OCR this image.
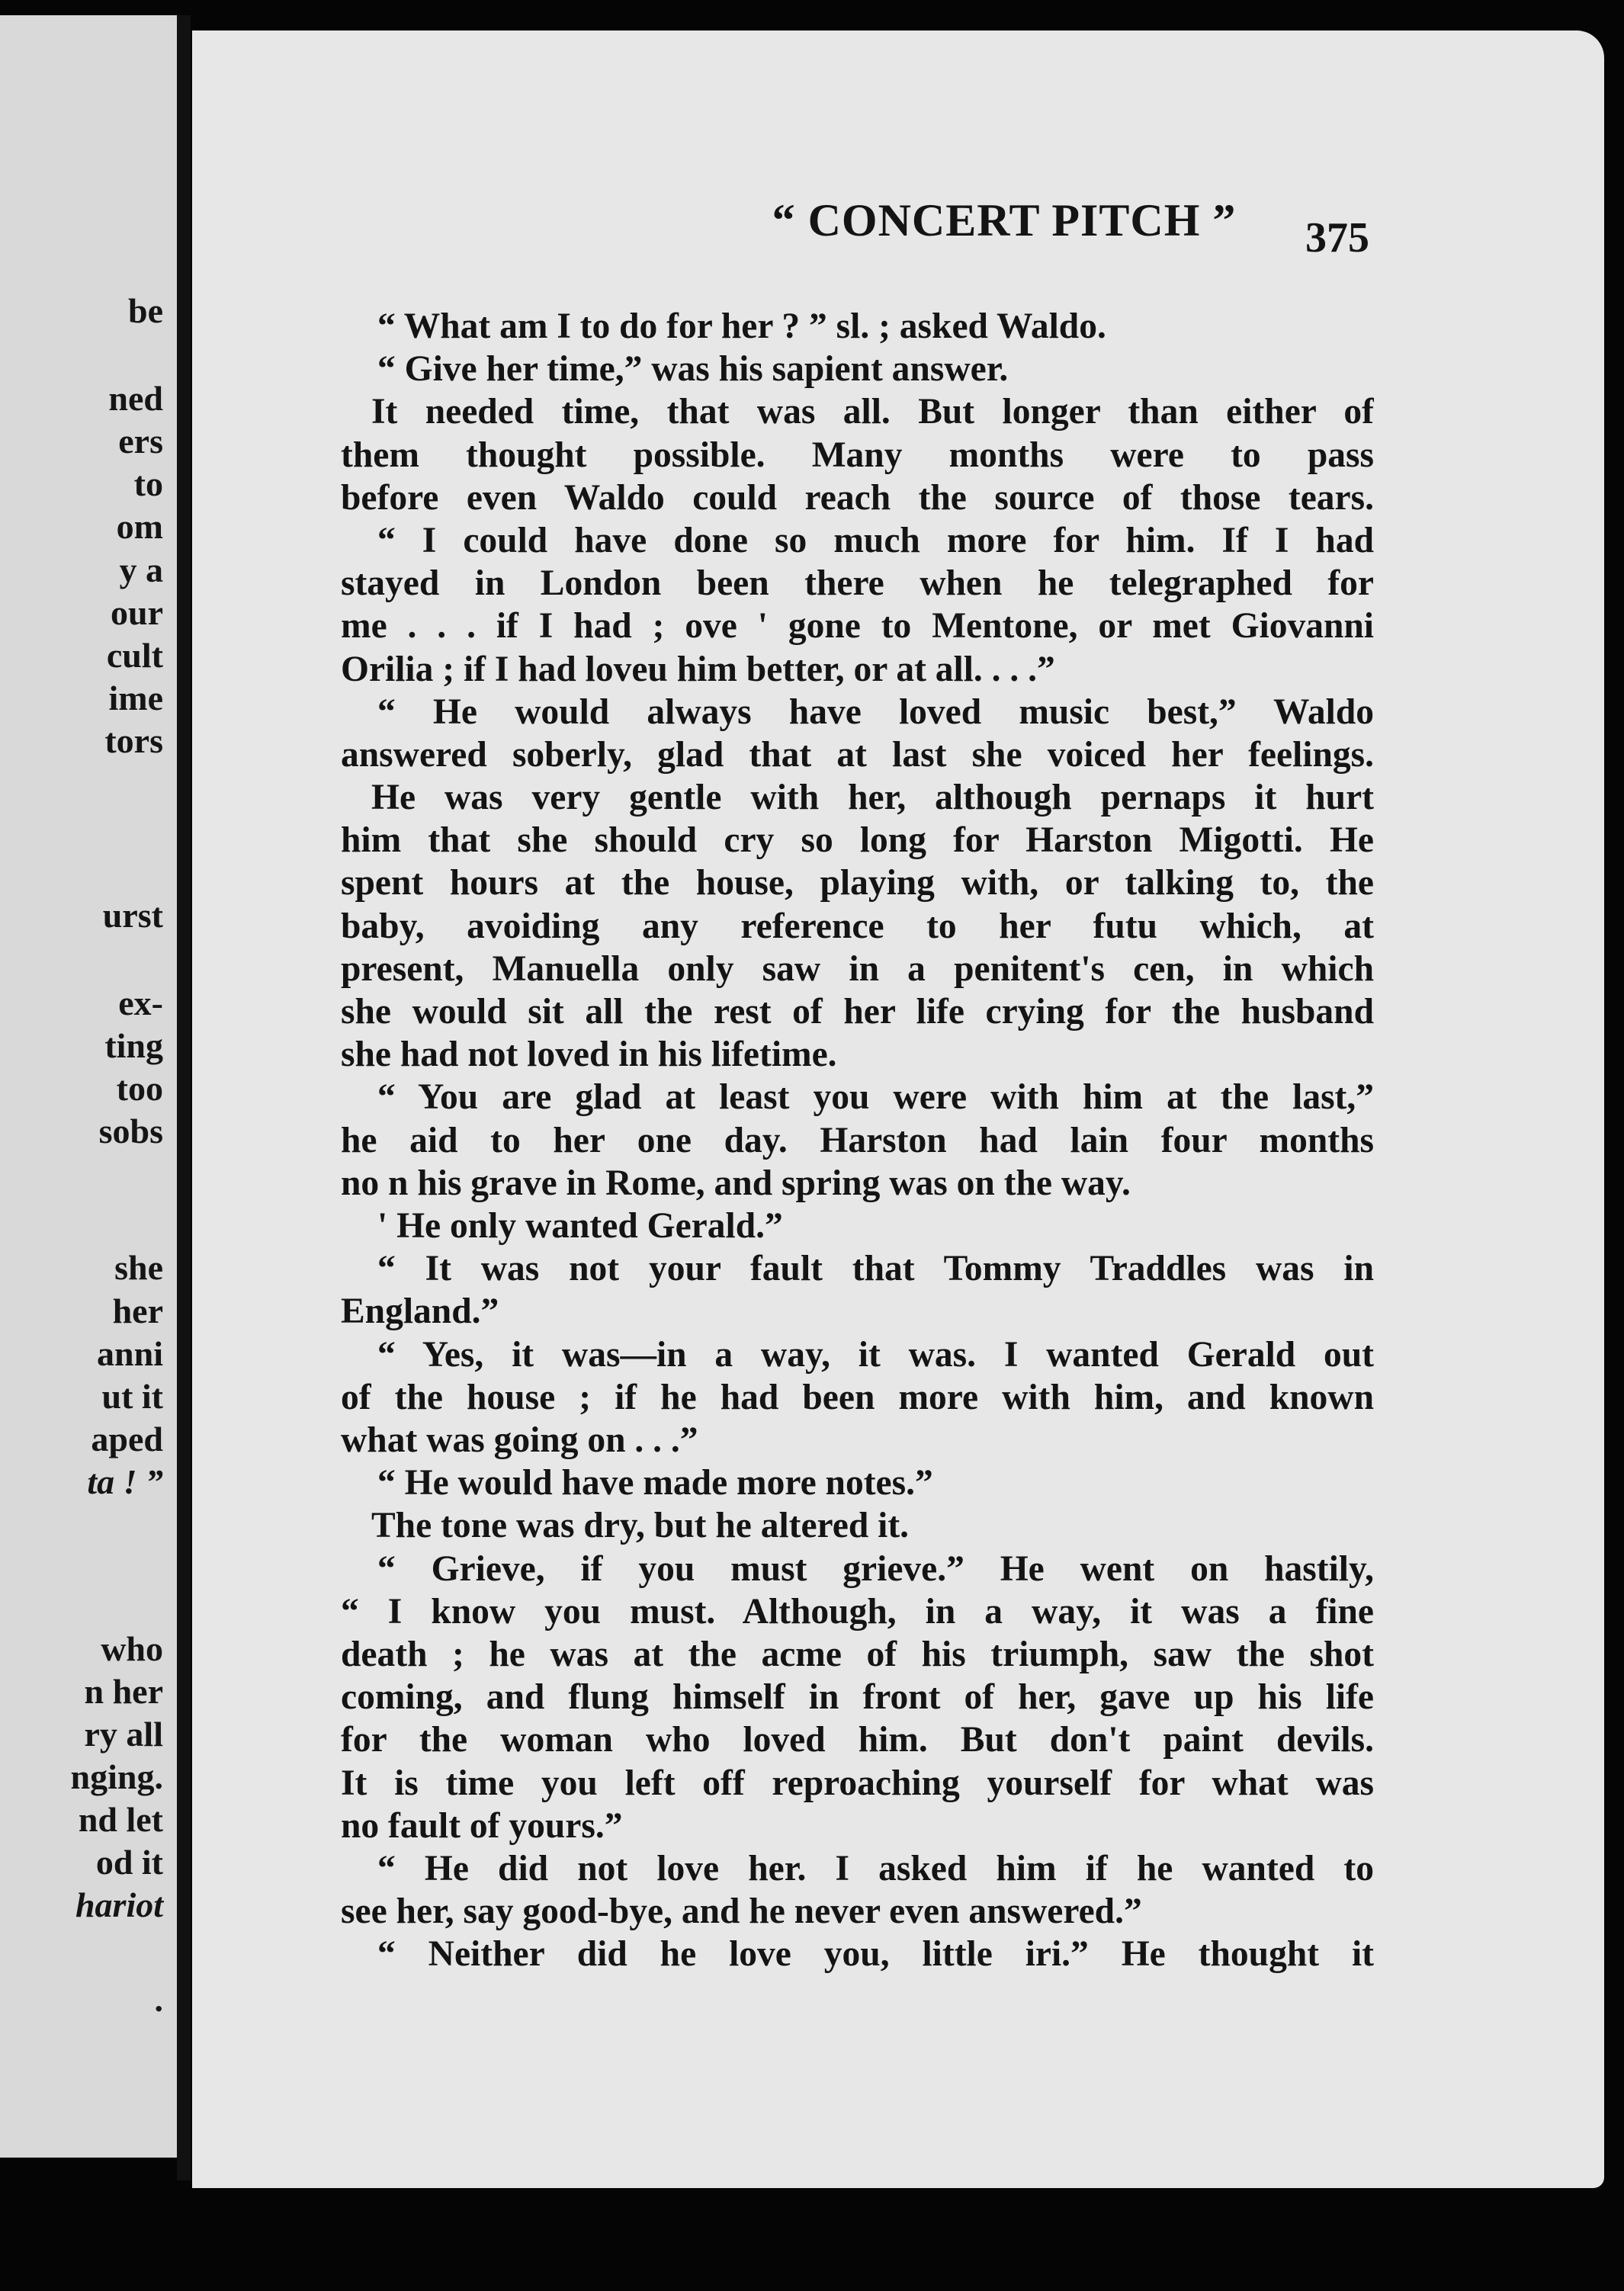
be

ned

ers

to

om

y a

our

cult

ime

tors

urst

ex-

ting

too

sobs

she

her

anni

ut it

aped

ta ! ”

who

n her

ry all

nging.

nd let

od it

hariot

.

“ CONCERT PITCH ”	375

“ What am I to do for her ? ” sl. ; asked Waldo.
“ Give her time,” was his sapient answer.
It needed time, that was all. But longer than either of
them thought possible. Many months were to pass
before even Waldo could reach the source of those tears.
“ I could have done so much more for him. If I had
stayed in London been there when he telegraphed for
me . . . if I had ; ove ' gone to Mentone, or met Giovanni
Orilia ; if I had loveu him better, or at all. . . .”
“ He would always have loved music best,” Waldo
answered soberly, glad that at last she voiced her feelings.
He was very gentle with her, although pernaps it hurt
him that she should cry so long for Harston Migotti. He
spent hours at the house, playing with, or talking to, the
baby, avoiding any reference to her futu which, at
present, Manuella only saw in a penitent's cen, in which
she would sit all the rest of her life crying for the husband
she had not loved in his lifetime.
“ You are glad at least you were with him at the last,”
he aid to her one day. Harston had lain four months
no n his grave in Rome, and spring was on the way.
' He only wanted Gerald.”
“ It was not your fault that Tommy Traddles was in
England.”
“ Yes, it was—in a way, it was. I wanted Gerald out
of the house ; if he had been more with him, and known
what was going on . . .”
“ He would have made more notes.”
The tone was dry, but he altered it.
“ Grieve, if you must grieve.” He went on hastily,
“ I know you must. Although, in a way, it was a fine
death ; he was at the acme of his triumph, saw the shot
coming, and flung himself in front of her, gave up his life
for the woman who loved him. But don't paint devils.
It is time you left off reproaching yourself for what was
no fault of yours.”
“ He did not love her. I asked him if he wanted to
see her, say good-bye, and he never even answered.”
“ Neither did he love you, little iri.” He thought it
